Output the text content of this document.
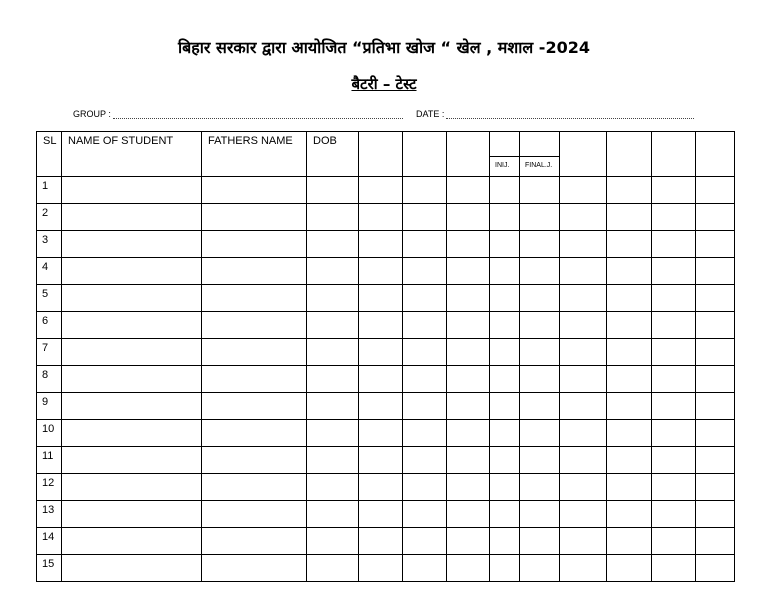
बिहार सरकार द्वारा आयोजित “प्रतिभा खोज “ खेल , मशाल -2024
बैटरी – टेस्ट
GROUP :	DATE :
SL	NAME OF STUDENT	FATHERS NAME	DOB				INIJ.	FINAL.J.				

1												
2												
3												
4												
5												
6												
7												
8												
9												
10												
11												
12												
13												
14												
15												
